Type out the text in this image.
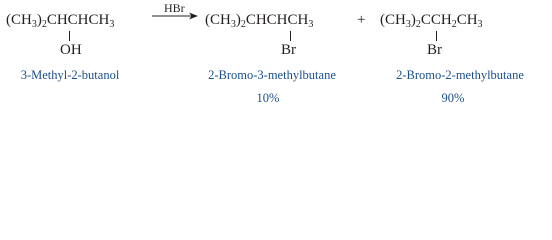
$(CH_3)_2CHCHCH_3$
OH
HBr
→ $(CH_3)_2CHCHCH_3$
Br
+ $(CH_3)_2CCH_2CH_3$
Br
3-Methyl-2-butanol	2-Bromo-3-methylbutane	2-Bromo-2-methylbutane
10%	90%
